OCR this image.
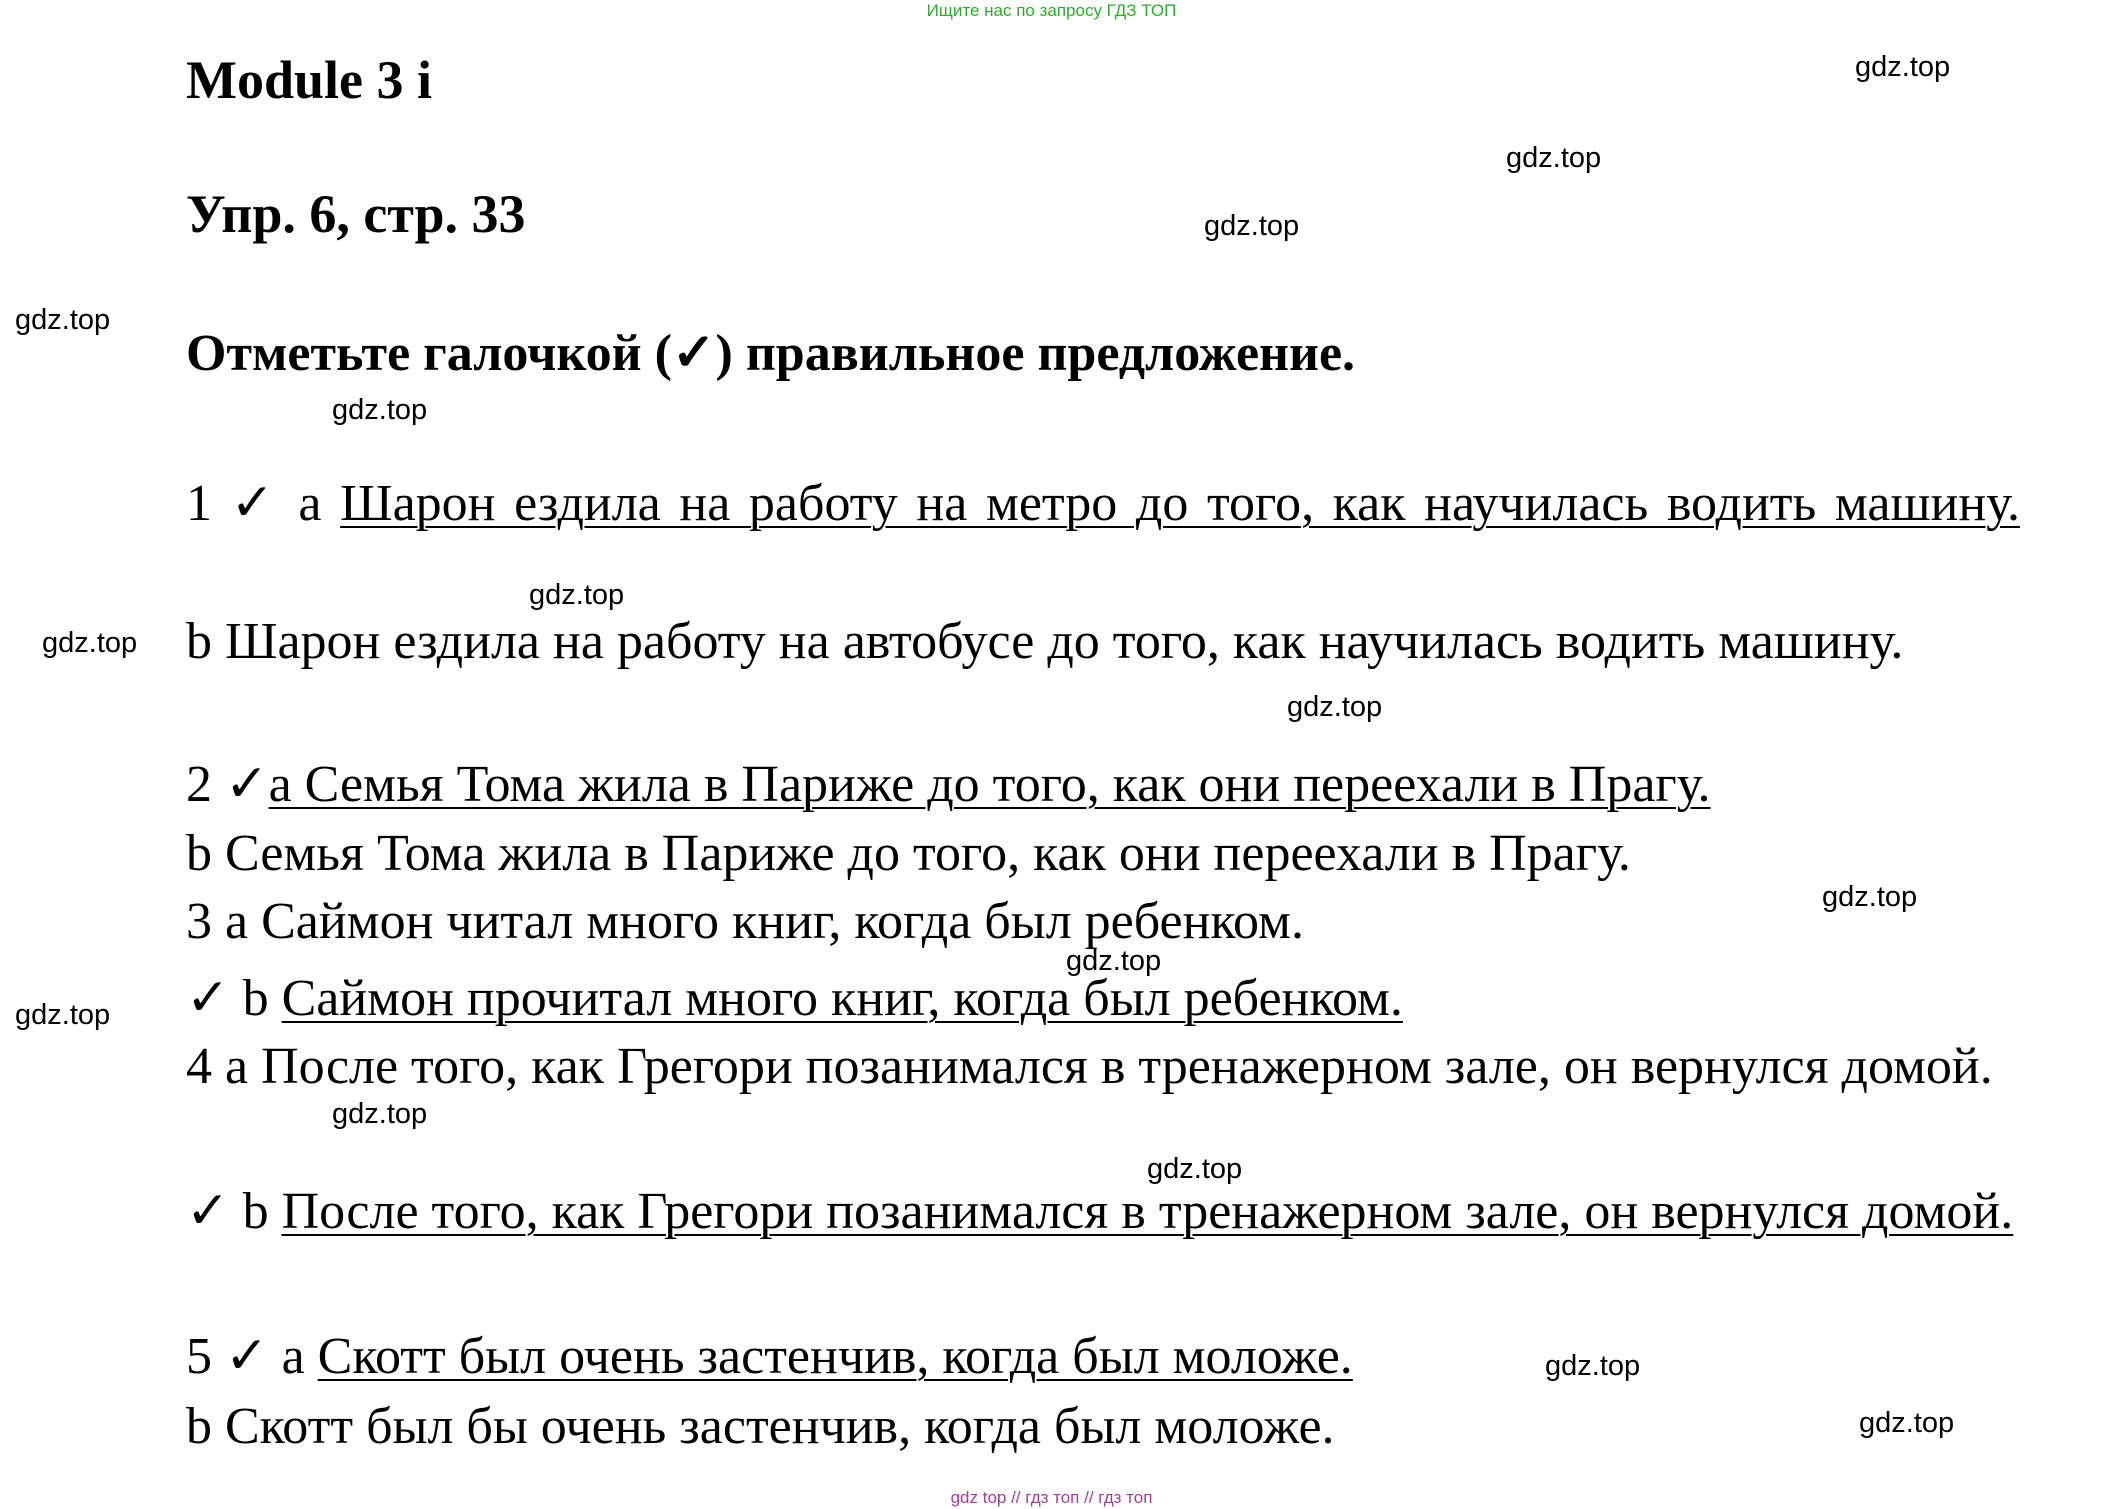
Ищите нас по запросу ГДЗ ТОП
Module 3 i
Упр. 6, стр. 33
Отметьте галочкой (✓) правильное предложение.

1 ✓ a Шарон ездила на работу на метро до того, как научилась водить машину.

b Шарон ездила на работу на автобусе до того, как научилась водить машину.

2 ✓a Семья Тома жила в Париже до того, как они переехали в Прагу.

b Семья Тома жила в Париже до того, как они переехали в Прагу.

3 a Саймон читал много книг, когда был ребенком.

✓ b Саймон прочитал много книг, когда был ребенком.

4 a После того, как Грегори позанимался в тренажерном зале, он вернулся домой.

✓ b После того, как Грегори позанимался в тренажерном зале, он вернулся домой.

5 ✓ a Скотт был очень застенчив, когда был моложе.

b Скотт был бы очень застенчив, когда был моложе.

gdz.top
gdz.top
gdz.top
gdz.top
gdz.top
gdz.top
gdz.top
gdz.top
gdz.top
gdz.top
gdz.top
gdz.top
gdz.top
gdz.top
gdz.top
gdz top // гдз топ // гдз топ
